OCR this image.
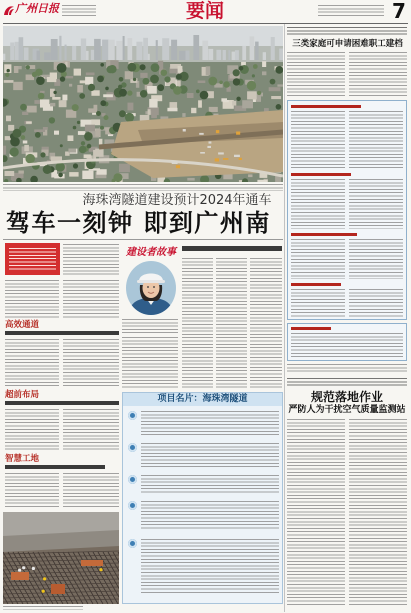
广州日报	要闻	7
海珠湾隧道建设预计2024年通车
驾车一刻钟 即到广州南
高效通道
超前布局
智慧工地
建设者故事
项目名片：海珠湾隧道
三类家庭可申请困难职工建档
规范落地作业
严防人为干扰空气质量监测站
